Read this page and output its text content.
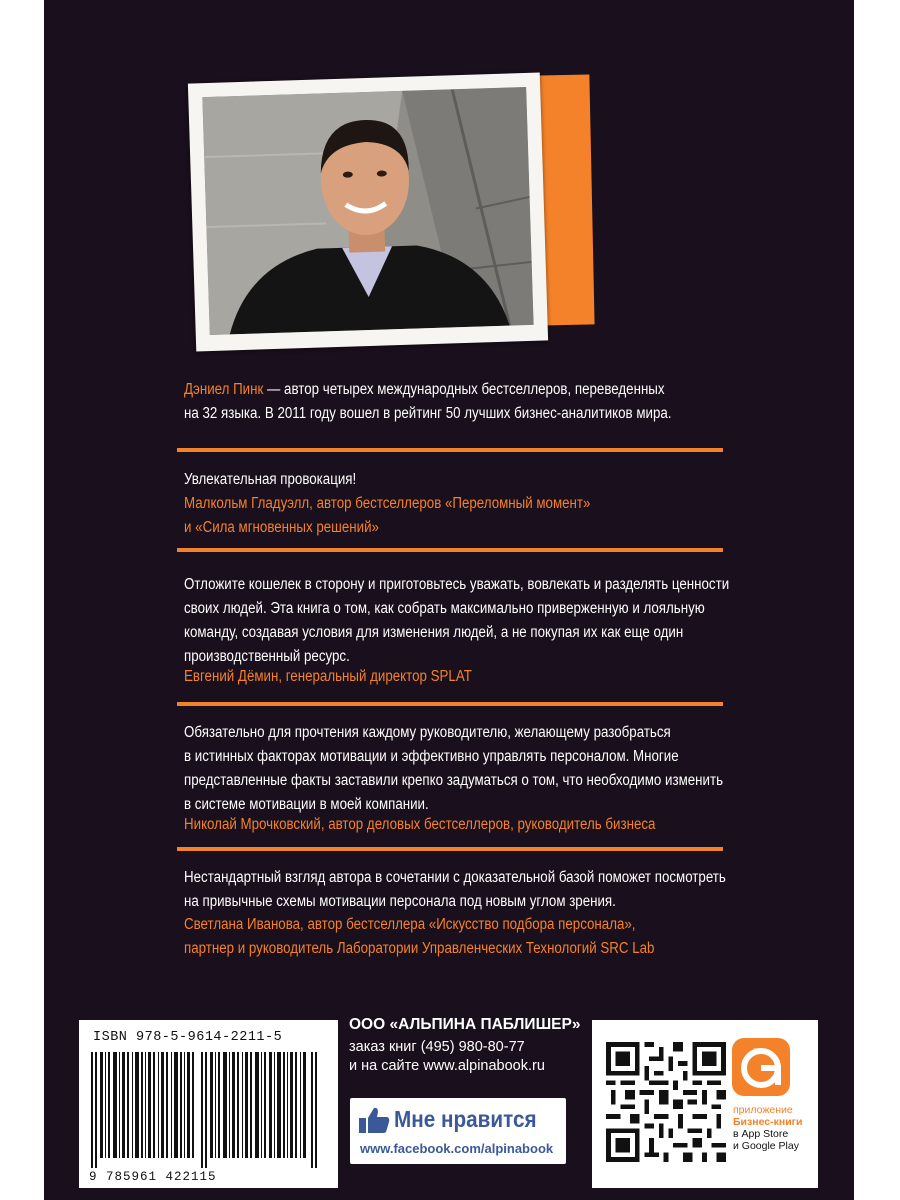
Дэниел Пинк — автор четырех международных бестселлеров, переведенных
на 32 языка. В 2011 году вошел в рейтинг 50 лучших бизнес-аналитиков мира.
Увлекательная провокация!
Малкольм Гладуэлл, автор бестселлеров «Переломный момент»
и «Сила мгновенных решений»
Отложите кошелек в сторону и приготовьтесь уважать, вовлекать и разделять ценности
своих людей. Эта книга о том, как собрать максимально приверженную и лояльную
команду, создавая условия для изменения людей, а не покупая их как еще один
производственный ресурс.
Евгений Дёмин, генеральный директор SPLAT
Обязательно для прочтения каждому руководителю, желающему разобраться
в истинных факторах мотивации и эффективно управлять персоналом. Многие
представленные факты заставили крепко задуматься о том, что необходимо изменить
в системе мотивации в моей компании.
Николай Мрочковский, автор деловых бестселлеров, руководитель бизнеса
Нестандартный взгляд автора в сочетании с доказательной базой поможет посмотреть
на привычные схемы мотивации персонала под новым углом зрения.
Светлана Иванова, автор бестселлера «Искусство подбора персонала»,
партнер и руководитель Лаборатории Управленческих Технологий SRC Lab
ISBN 978-5-9614-2211-5
9 785961 422115
ООО «АЛЬПИНА ПАБЛИШЕР»
заказ книг (495) 980-80-77
и на сайте www.alpinabook.ru
Мне нравится
www.facebook.com/alpinabook
приложение
Бизнес-книги
в App Store
и Google Play
